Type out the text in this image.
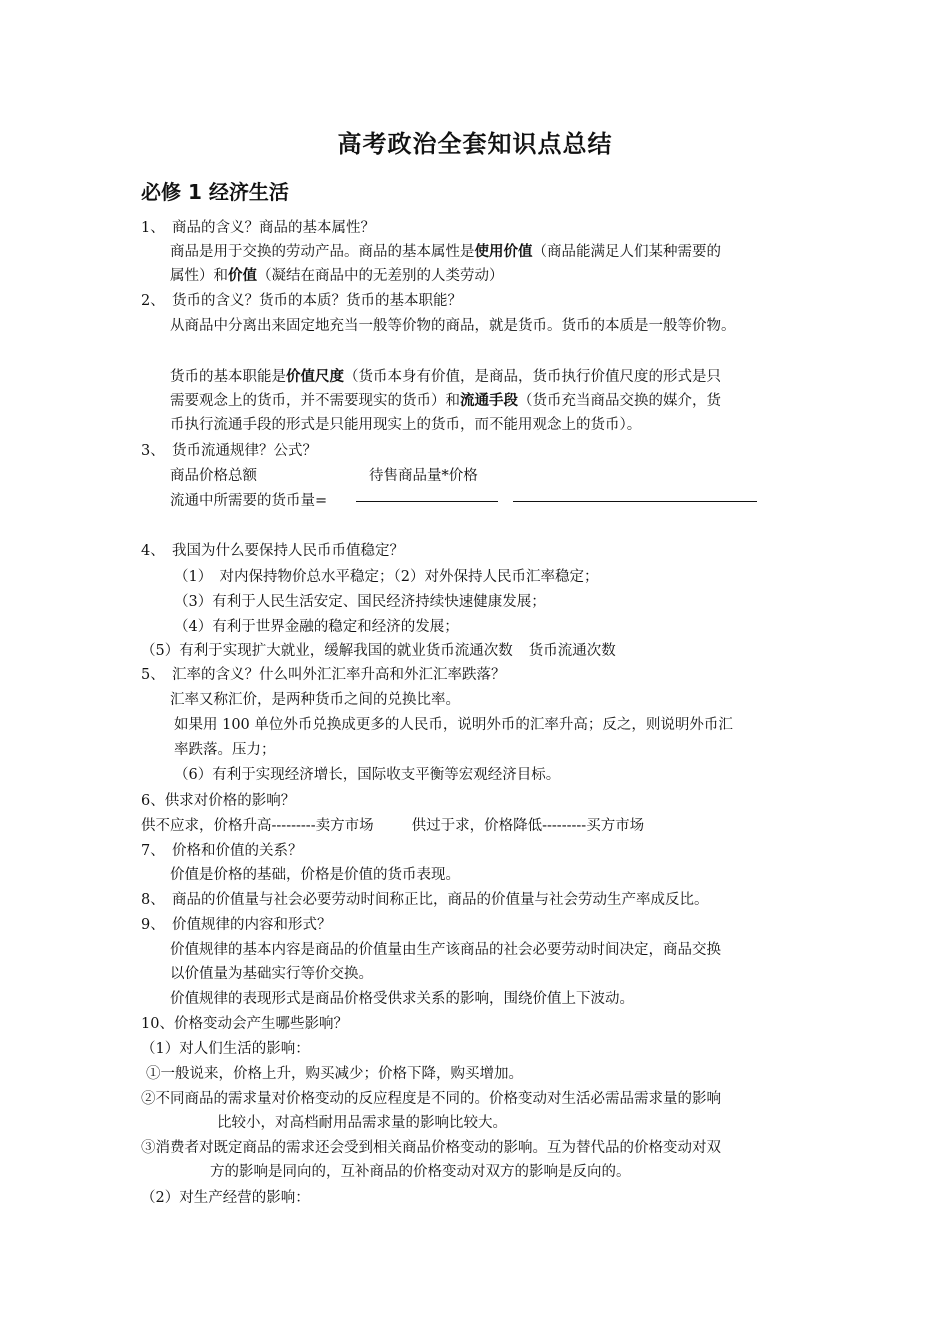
高考政治全套知识点总结
必修 1 经济生活
1、　商品的含义？商品的基本属性？
商品是用于交换的劳动产品。商品的基本属性是使用价值（商品能满足人们某种需要的
属性）和价值（凝结在商品中的无差别的人类劳动）
2、　货币的含义？货币的本质？货币的基本职能？
从商品中分离出来固定地充当一般等价物的商品，就是货币。货币的本质是一般等价物。
货币的基本职能是价值尺度（货币本身有价值，是商品，货币执行价值尺度的形式是只
需要观念上的货币，并不需要现实的货币）和流通手段（货币充当商品交换的媒介，货
币执行流通手段的形式是只能用现实上的货币，而不能用观念上的货币）。
3、　货币流通规律？公式？
商品价格总额	待售商品量*价格
流通中所需要的货币量=
4、　我国为什么要保持人民币币值稳定？
（1）　对内保持物价总水平稳定；（2）对外保持人民币汇率稳定；
（3）有利于人民生活安定、国民经济持续快速健康发展；
（4）有利于世界金融的稳定和经济的发展；
（5）有利于实现扩大就业，缓解我国的就业货币流通次数 货币流通次数
5、　汇率的含义？什么叫外汇汇率升高和外汇汇率跌落？
汇率又称汇价，是两种货币之间的兑换比率。
如果用 100 单位外币兑换成更多的人民币，说明外币的汇率升高；反之，则说明外币汇
率跌落。压力；
（6）有利于实现经济增长，国际收支平衡等宏观经济目标。
6、供求对价格的影响？
供不应求，价格升高---------卖方市场	供过于求，价格降低---------买方市场
7、　价格和价值的关系？
价值是价格的基础，价格是价值的货币表现。
8、　商品的价值量与社会必要劳动时间称正比，商品的价值量与社会劳动生产率成反比。
9、　价值规律的内容和形式？
价值规律的基本内容是商品的价值量由生产该商品的社会必要劳动时间决定，商品交换
以价值量为基础实行等价交换。
价值规律的表现形式是商品价格受供求关系的影响，围绕价值上下波动。
10、价格变动会产生哪些影响？
（1）对人们生活的影响：
①一般说来，价格上升，购买减少；价格下降，购买增加。
②不同商品的需求量对价格变动的反应程度是不同的。价格变动对生活必需品需求量的影响
比较小，对高档耐用品需求量的影响比较大。
③消费者对既定商品的需求还会受到相关商品价格变动的影响。互为替代品的价格变动对双
方的影响是同向的，互补商品的价格变动对双方的影响是反向的。
（2）对生产经营的影响：
